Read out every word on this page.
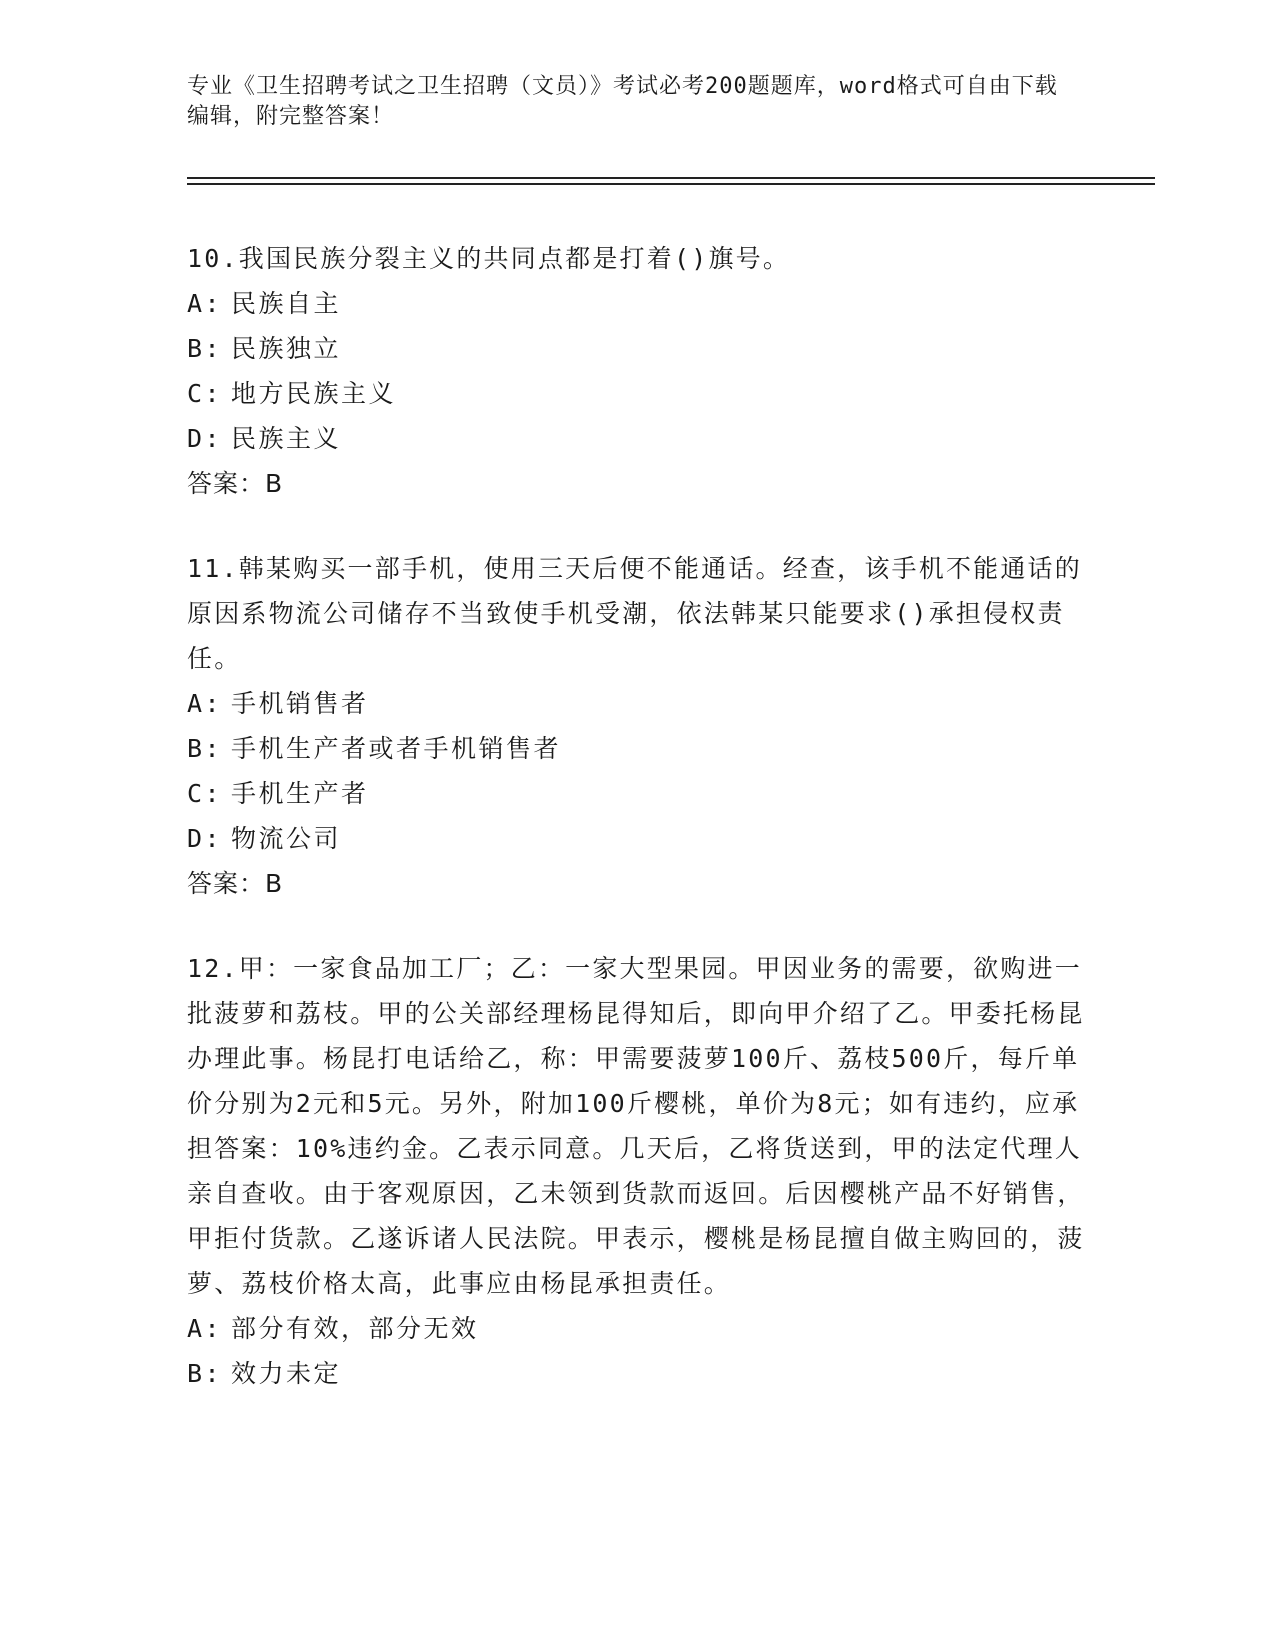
专业《卫生招聘考试之卫生招聘（文员）》考试必考200题题库，word格式可自由下载编辑，附完整答案！

10.我国民族分裂主义的共同点都是打着()旗号。

A: 民族自主
B: 民族独立
C: 地方民族主义
D: 民族主义

答案：B

11.韩某购买一部手机，使用三天后便不能通话。经查，该手机不能通话的原因系物流公司储存不当致使手机受潮，依法韩某只能要求()承担侵权责任。

A: 手机销售者
B: 手机生产者或者手机销售者
C: 手机生产者
D: 物流公司

答案：B

12.甲：一家食品加工厂；乙：一家大型果园。甲因业务的需要，欲购进一批菠萝和荔枝。甲的公关部经理杨昆得知后，即向甲介绍了乙。甲委托杨昆办理此事。杨昆打电话给乙，称：甲需要菠萝100斤、荔枝500斤，每斤单价分别为2元和5元。另外，附加100斤樱桃，单价为8元；如有违约，应承担答案：10%违约金。乙表示同意。几天后，乙将货送到，甲的法定代理人亲自查收。由于客观原因，乙未领到货款而返回。后因樱桃产品不好销售，甲拒付货款。乙遂诉诸人民法院。甲表示，樱桃是杨昆擅自做主购回的，菠萝、荔枝价格太高，此事应由杨昆承担责任。

A: 部分有效，部分无效
B: 效力未定
